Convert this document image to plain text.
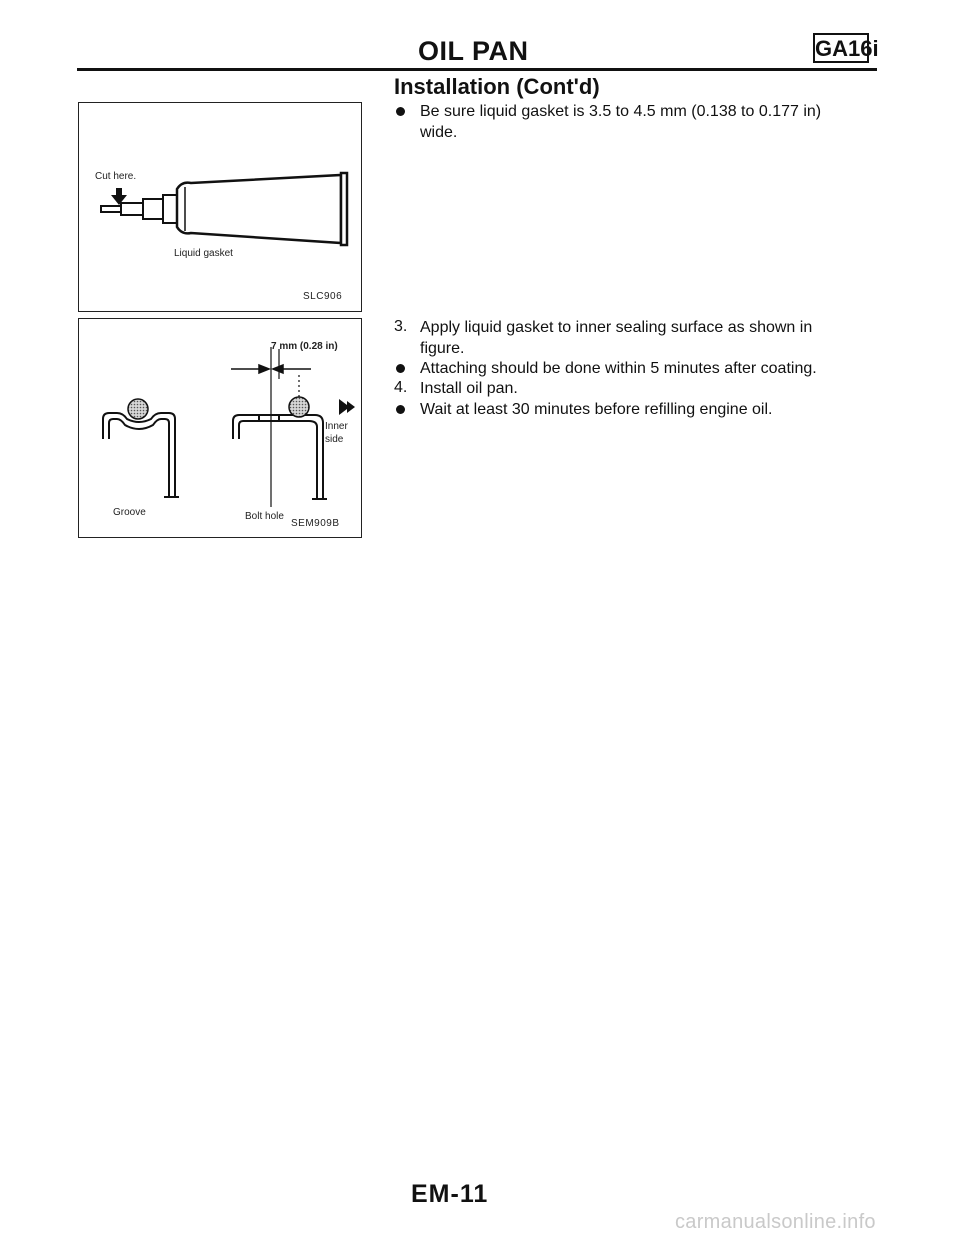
OIL PAN	GA16i
Cut here.
Liquid gasket
SLC906
7 mm (0.28 in)
Inner
side
Groove	Bolt hole
SEM909B
Installation (Cont'd)
Be sure liquid gasket is 3.5 to 4.5 mm (0.138 to 0.177 in)
wide.
3. Apply liquid gasket to inner sealing surface as shown in
figure.
Attaching should be done within 5 minutes after coating.
4. Install oil pan.
Wait at least 30 minutes before refilling engine oil.
EM-11
carmanualsonline.info
